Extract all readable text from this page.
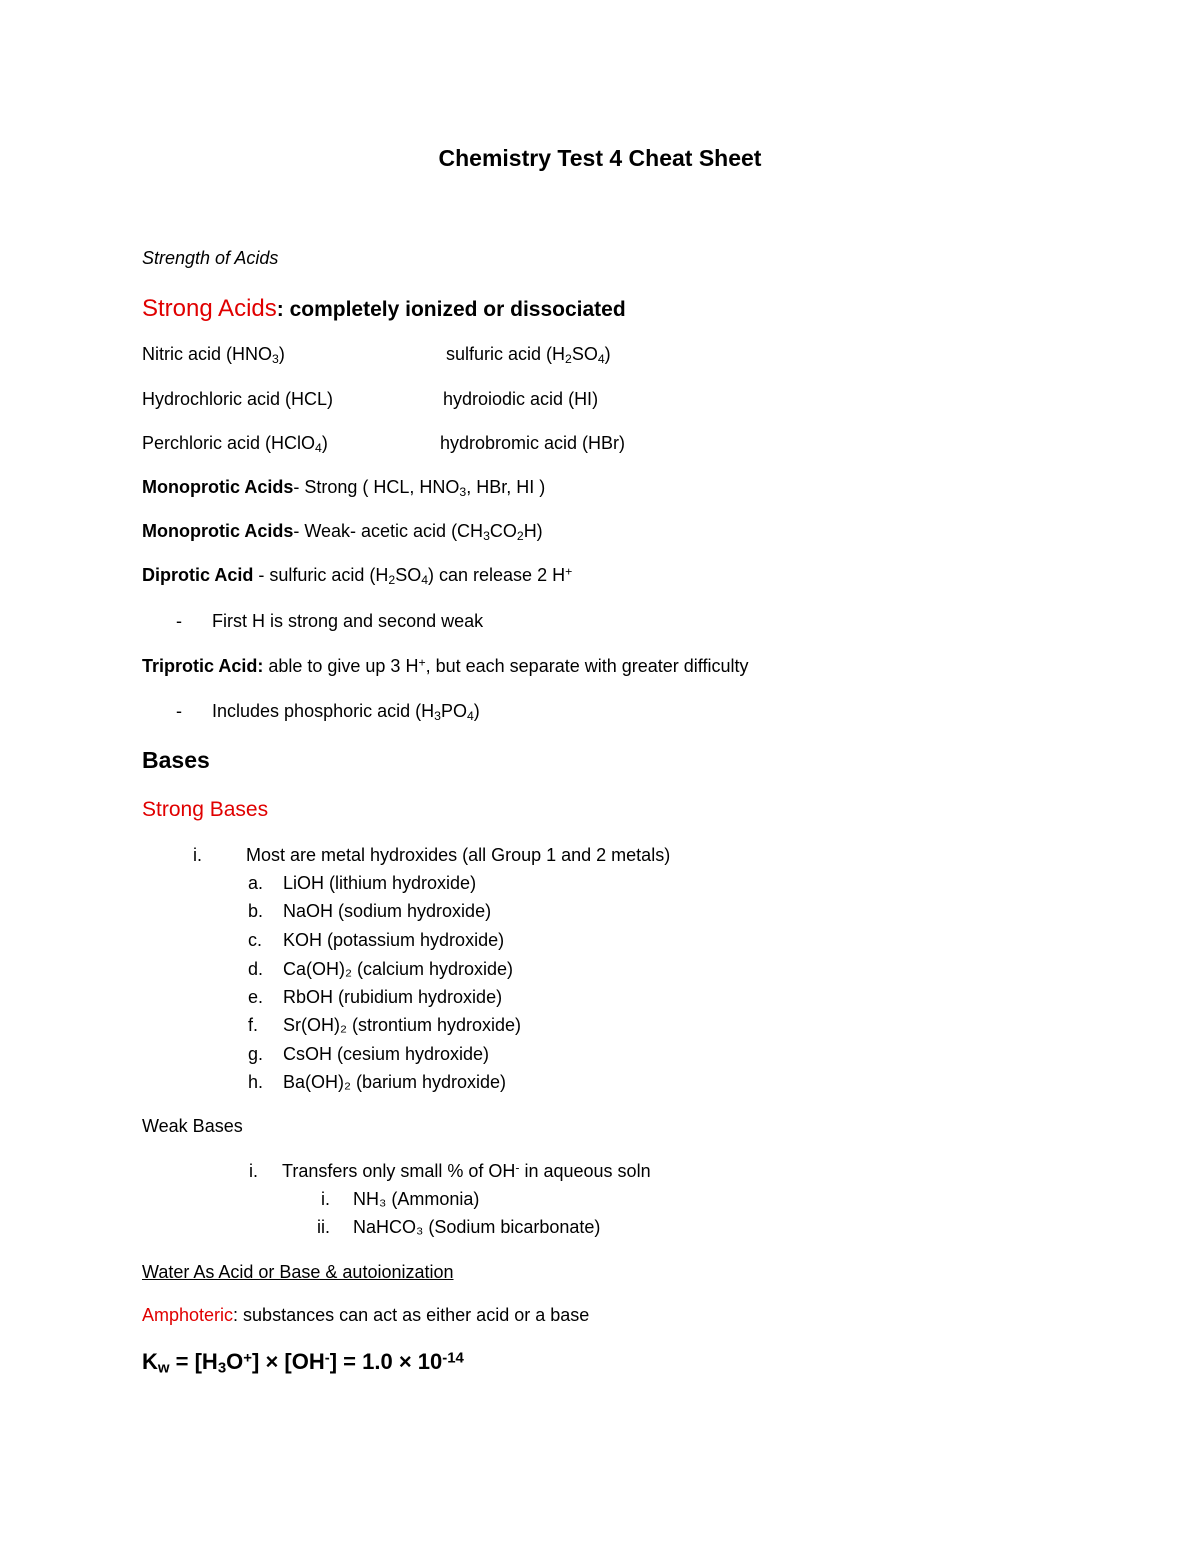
Chemistry Test 4 Cheat Sheet
Strength of Acids
Strong Acids: completely ionized or dissociated
Nitric acid $(HNO_3)$	sulfuric acid $(H_2SO_4)$
Hydrochloric acid (HCL)	hydroiodic acid (HI)
Perchloric acid (HClO$_4$)	hydrobromic acid (HBr)
Monoprotic Acids- Strong ( HCL, $HNO_3$, HBr, HI )
Monoprotic Acids- Weak- acetic acid $(CH_3CO_2H)$
Diprotic Acid - sulfuric acid $(H_2SO_4)$ can release 2 H+
- First H is strong and second weak
Triprotic Acid: able to give up 3 H+, but each separate with greater difficulty
- Includes phosphoric acid $(H_3PO_4)$
Bases
Strong Bases
i. Most are metal hydroxides (all Group 1 and 2 metals)
a. LiOH (lithium hydroxide)
b. NaOH (sodium hydroxide)
c. KOH (potassium hydroxide)
d. Ca(OH)₂ (calcium hydroxide)
e. RbOH (rubidium hydroxide)
f. Sr(OH)₂ (strontium hydroxide)
g. CsOH (cesium hydroxide)
h. Ba(OH)₂ (barium hydroxide)
Weak Bases
i. Transfers only small % of OH- in aqueous soln
i. NH₃ (Ammonia)
ii. NaHCO₃ (Sodium bicarbonate)
Water As Acid or Base & autoionization
Amphoteric: substances can act as either acid or a base
$K_w = [H_3O^+] \times [OH^-] = 1.0 \times 10^{-14}$
